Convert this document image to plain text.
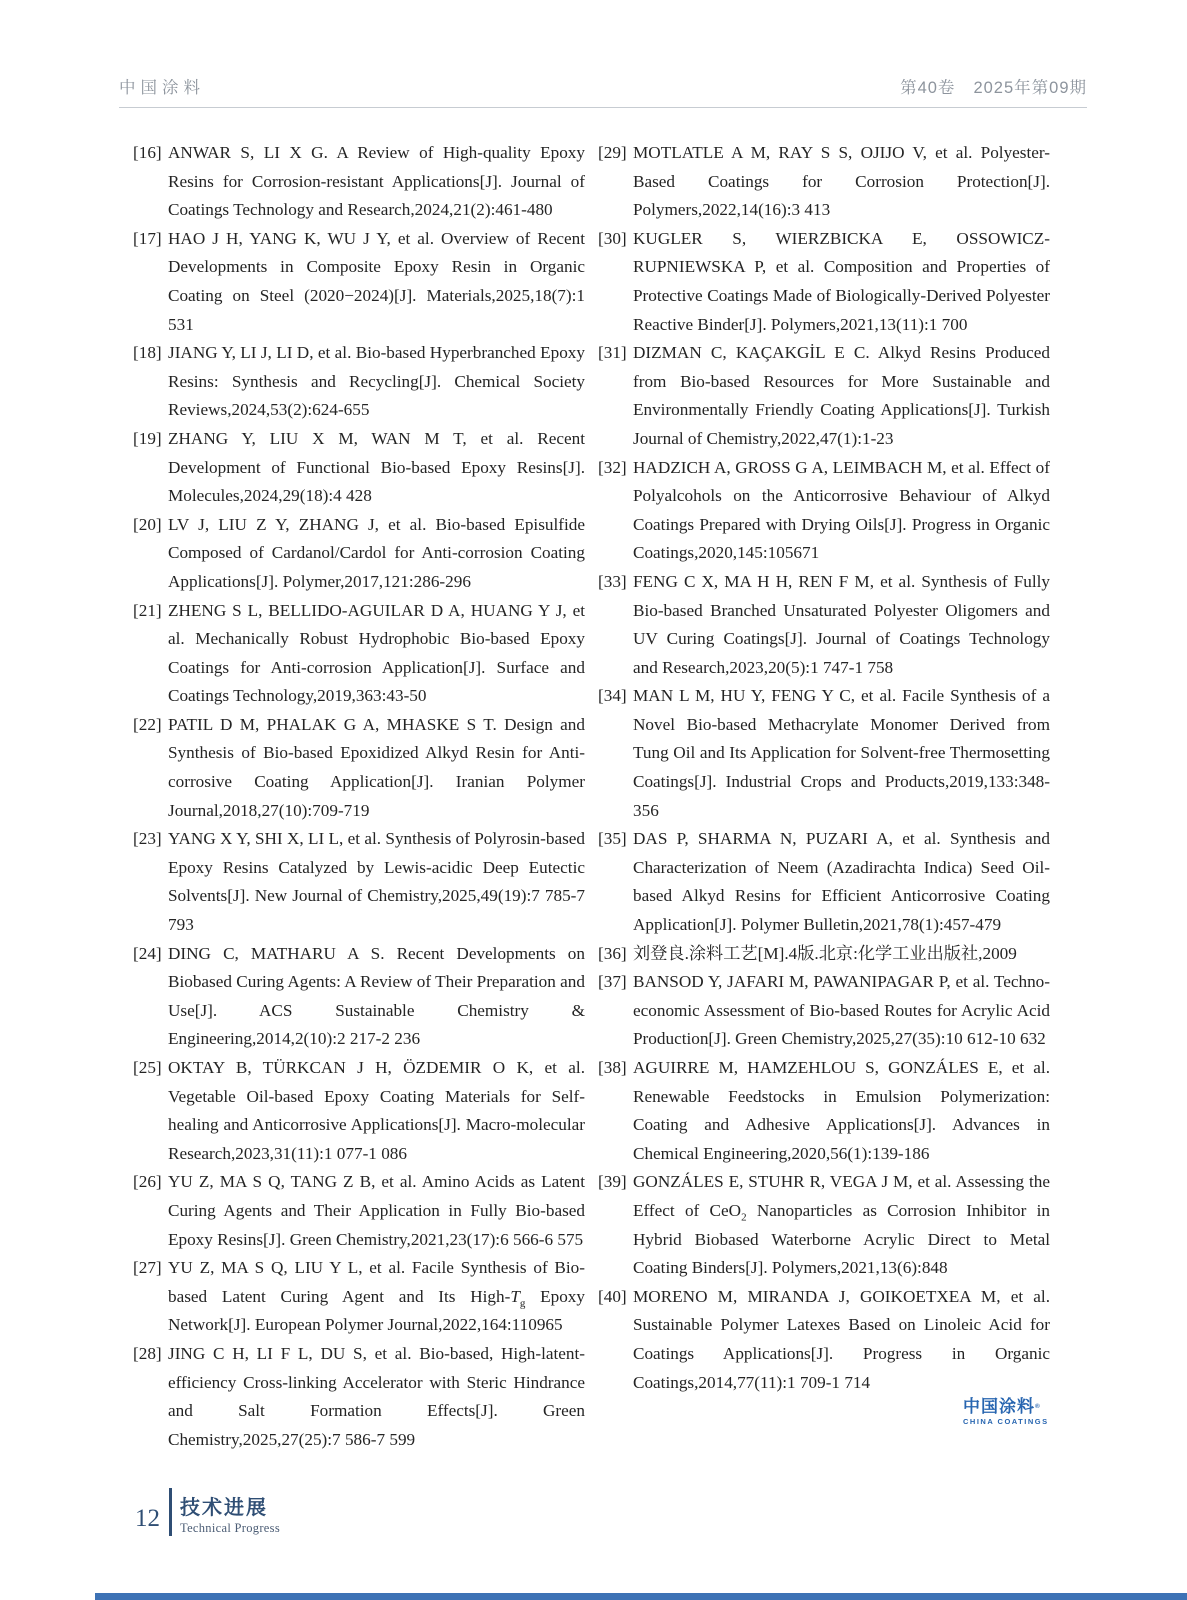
中国涂料	第40卷 2025年第09期
[16] ANWAR S, LI X G. A Review of High-quality Epoxy Resins for Corrosion-resistant Applications[J]. Journal of Coatings Technology and Research,2024,21(2):461-480
[17] HAO J H, YANG K, WU J Y, et al. Overview of Recent Developments in Composite Epoxy Resin in Organic Coating on Steel (2020−2024)[J]. Materials,2025,18(7):1 531
[18] JIANG Y, LI J, LI D, et al. Bio-based Hyperbranched Epoxy Resins: Synthesis and Recycling[J]. Chemical Society Reviews,2024,53(2):624-655
[19] ZHANG Y, LIU X M, WAN M T, et al. Recent Development of Functional Bio-based Epoxy Resins[J]. Molecules,2024,29(18):4 428
[20] LV J, LIU Z Y, ZHANG J, et al. Bio-based Episulfide Composed of Cardanol/Cardol for Anti-corrosion Coating Applications[J]. Polymer,2017,121:286-296
[21] ZHENG S L, BELLIDO-AGUILAR D A, HUANG Y J, et al. Mechanically Robust Hydrophobic Bio-based Epoxy Coatings for Anti-corrosion Application[J]. Surface and Coatings Technology,2019,363:43-50
[22] PATIL D M, PHALAK G A, MHASKE S T. Design and Synthesis of Bio-based Epoxidized Alkyd Resin for Anti-corrosive Coating Application[J]. Iranian Polymer Journal,2018,27(10):709-719
[23] YANG X Y, SHI X, LI L, et al. Synthesis of Polyrosin-based Epoxy Resins Catalyzed by Lewis-acidic Deep Eutectic Solvents[J]. New Journal of Chemistry,2025,49(19):7 785-7 793
[24] DING C, MATHARU A S. Recent Developments on Biobased Curing Agents: A Review of Their Preparation and Use[J]. ACS Sustainable Chemistry & Engineering,2014,2(10):2 217-2 236
[25] OKTAY B, TÜRKCAN J H, ÖZDEMIR O K, et al. Vegetable Oil-based Epoxy Coating Materials for Self-healing and Anticorrosive Applications[J]. Macro-molecular Research,2023,31(11):1 077-1 086
[26] YU Z, MA S Q, TANG Z B, et al. Amino Acids as Latent Curing Agents and Their Application in Fully Bio-based Epoxy Resins[J]. Green Chemistry,2021,23(17):6 566-6 575
[27] YU Z, MA S Q, LIU Y L, et al. Facile Synthesis of Bio-based Latent Curing Agent and Its High-$T_g$ Epoxy Network[J]. European Polymer Journal,2022,164:110965
[28] JING C H, LI F L, DU S, et al. Bio-based, High-latent-efficiency Cross-linking Accelerator with Steric Hindrance and Salt Formation Effects[J]. Green Chemistry,2025,27(25):7 586-7 599
[29] MOTLATLE A M, RAY S S, OJIJO V, et al. Polyester-Based Coatings for Corrosion Protection[J]. Polymers,2022,14(16):3 413
[30] KUGLER S, WIERZBICKA E, OSSOWICZ-RUPNIEWSKA P, et al. Composition and Properties of Protective Coatings Made of Biologically-Derived Polyester Reactive Binder[J]. Polymers,2021,13(11):1 700
[31] DIZMAN C, KAÇAKGİL E C. Alkyd Resins Produced from Bio-based Resources for More Sustainable and Environmentally Friendly Coating Applications[J]. Turkish Journal of Chemistry,2022,47(1):1-23
[32] HADZICH A, GROSS G A, LEIMBACH M, et al. Effect of Polyalcohols on the Anticorrosive Behaviour of Alkyd Coatings Prepared with Drying Oils[J]. Progress in Organic Coatings,2020,145:105671
[33] FENG C X, MA H H, REN F M, et al. Synthesis of Fully Bio-based Branched Unsaturated Polyester Oligomers and UV Curing Coatings[J]. Journal of Coatings Technology and Research,2023,20(5):1 747-1 758
[34] MAN L M, HU Y, FENG Y C, et al. Facile Synthesis of a Novel Bio-based Methacrylate Monomer Derived from Tung Oil and Its Application for Solvent-free Thermosetting Coatings[J]. Industrial Crops and Products,2019,133:348-356
[35] DAS P, SHARMA N, PUZARI A, et al. Synthesis and Characterization of Neem (Azadirachta Indica) Seed Oil-based Alkyd Resins for Efficient Anticorrosive Coating Application[J]. Polymer Bulletin,2021,78(1):457-479
[36] 刘登良.涂料工艺[M].4版.北京:化学工业出版社,2009
[37] BANSOD Y, JAFARI M, PAWANIPAGAR P, et al. Techno-economic Assessment of Bio-based Routes for Acrylic Acid Production[J]. Green Chemistry,2025,27(35):10 612-10 632
[38] AGUIRRE M, HAMZEHLOU S, GONZÁLES E, et al. Renewable Feedstocks in Emulsion Polymerization: Coating and Adhesive Applications[J]. Advances in Chemical Engineering,2020,56(1):139-186
[39] GONZÁLES E, STUHR R, VEGA J M, et al. Assessing the Effect of CeO$_2$ Nanoparticles as Corrosion Inhibitor in Hybrid Biobased Waterborne Acrylic Direct to Metal Coating Binders[J]. Polymers,2021,13(6):848
[40] MORENO M, MIRANDA J, GOIKOETXEA M, et al. Sustainable Polymer Latexes Based on Linoleic Acid for Coatings Applications[J]. Progress in Organic Coatings,2014,77(11):1 709-1 714
中国涂料®
CHINA COATINGS
12 技术进展
Technical Progress
